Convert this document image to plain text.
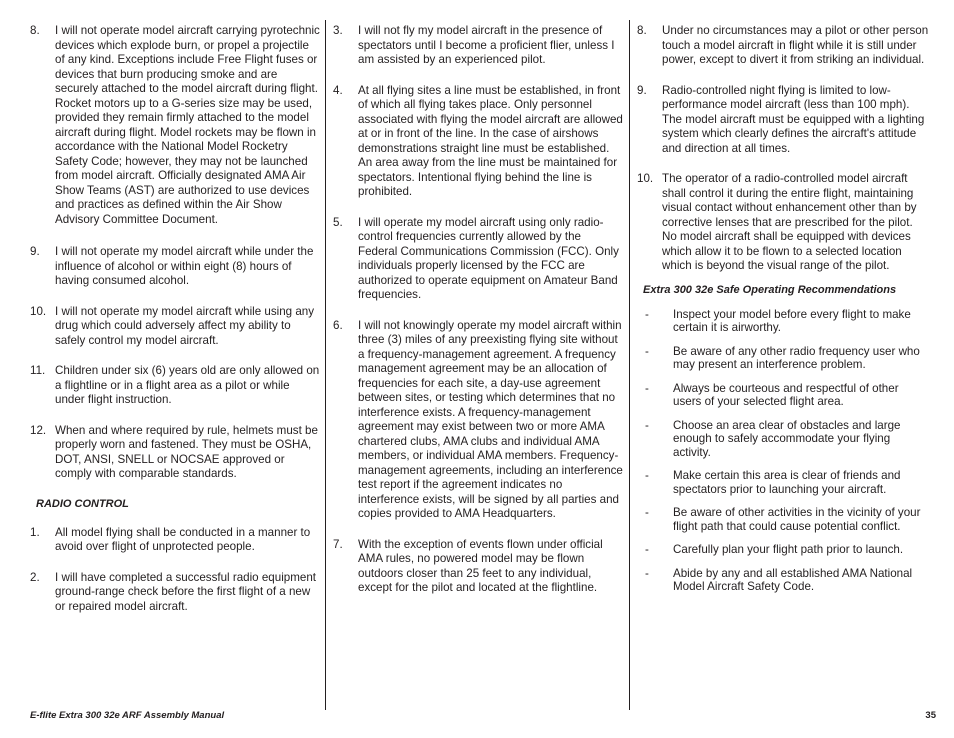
8. I will not operate model aircraft carrying pyrotechnic devices which explode burn, or propel a projectile of any kind. Exceptions include Free Flight fuses or devices that burn producing smoke and are securely attached to the model aircraft during flight. Rocket motors up to a G-series size may be used, provided they remain firmly attached to the model aircraft during flight. Model rockets may be flown in accordance with the National Model Rocketry Safety Code; however, they may not be launched from model aircraft. Officially designated AMA Air Show Teams (AST) are authorized to use devices and practices as defined within the Air Show Advisory Committee Document.
9. I will not operate my model aircraft while under the influence of alcohol or within eight (8) hours of having consumed alcohol.
10. I will not operate my model aircraft while using any drug which could adversely affect my ability to safely control my model aircraft.
11. Children under six (6) years old are only allowed on a flightline or in a flight area as a pilot or while under flight instruction.
12. When and where required by rule, helmets must be properly worn and fastened. They must be OSHA, DOT, ANSI, SNELL or NOCSAE approved or comply with comparable standards.
RADIO CONTROL
1. All model flying shall be conducted in a manner to avoid over flight of unprotected people.
2. I will have completed a successful radio equipment ground-range check before the first flight of a new or repaired model aircraft.
3. I will not fly my model aircraft in the presence of spectators until I become a proficient flier, unless I am assisted by an experienced pilot.
4. At all flying sites a line must be established, in front of which all flying takes place. Only personnel associated with flying the model aircraft are allowed at or in front of the line. In the case of airshows demonstrations straight line must be established. An area away from the line must be maintained for spectators. Intentional flying behind the line is prohibited.
5. I will operate my model aircraft using only radio-control frequencies currently allowed by the Federal Communications Commission (FCC). Only individuals properly licensed by the FCC are authorized to operate equipment on Amateur Band frequencies.
6. I will not knowingly operate my model aircraft within three (3) miles of any preexisting flying site without a frequency-management agreement. A frequency management agreement may be an allocation of frequencies for each site, a day-use agreement between sites, or testing which determines that no interference exists. A frequency-management agreement may exist between two or more AMA chartered clubs, AMA clubs and individual AMA members, or individual AMA members. Frequency-management agreements, including an interference test report if the agreement indicates no interference exists, will be signed by all parties and copies provided to AMA Headquarters.
7. With the exception of events flown under official AMA rules, no powered model may be flown outdoors closer than 25 feet to any individual, except for the pilot and located at the flightline.
8. Under no circumstances may a pilot or other person touch a model aircraft in flight while it is still under power, except to divert it from striking an individual.
9. Radio-controlled night flying is limited to low-performance model aircraft (less than 100 mph). The model aircraft must be equipped with a lighting system which clearly defines the aircraft's attitude and direction at all times.
10. The operator of a radio-controlled model aircraft shall control it during the entire flight, maintaining visual contact without enhancement other than by corrective lenses that are prescribed for the pilot. No model aircraft shall be equipped with devices which allow it to be flown to a selected location which is beyond the visual range of the pilot.
Extra 300 32e Safe Operating Recommendations
- Inspect your model before every flight to make certain it is airworthy.
- Be aware of any other radio frequency user who may present an interference problem.
- Always be courteous and respectful of other users of your selected flight area.
- Choose an area clear of obstacles and large enough to safely accommodate your flying activity.
- Make certain this area is clear of friends and spectators prior to launching your aircraft.
- Be aware of other activities in the vicinity of your flight path that could cause potential conflict.
- Carefully plan your flight path prior to launch.
- Abide by any and all established AMA National Model Aircraft Safety Code.
E-flite Extra 300 32e ARF Assembly Manual	35
